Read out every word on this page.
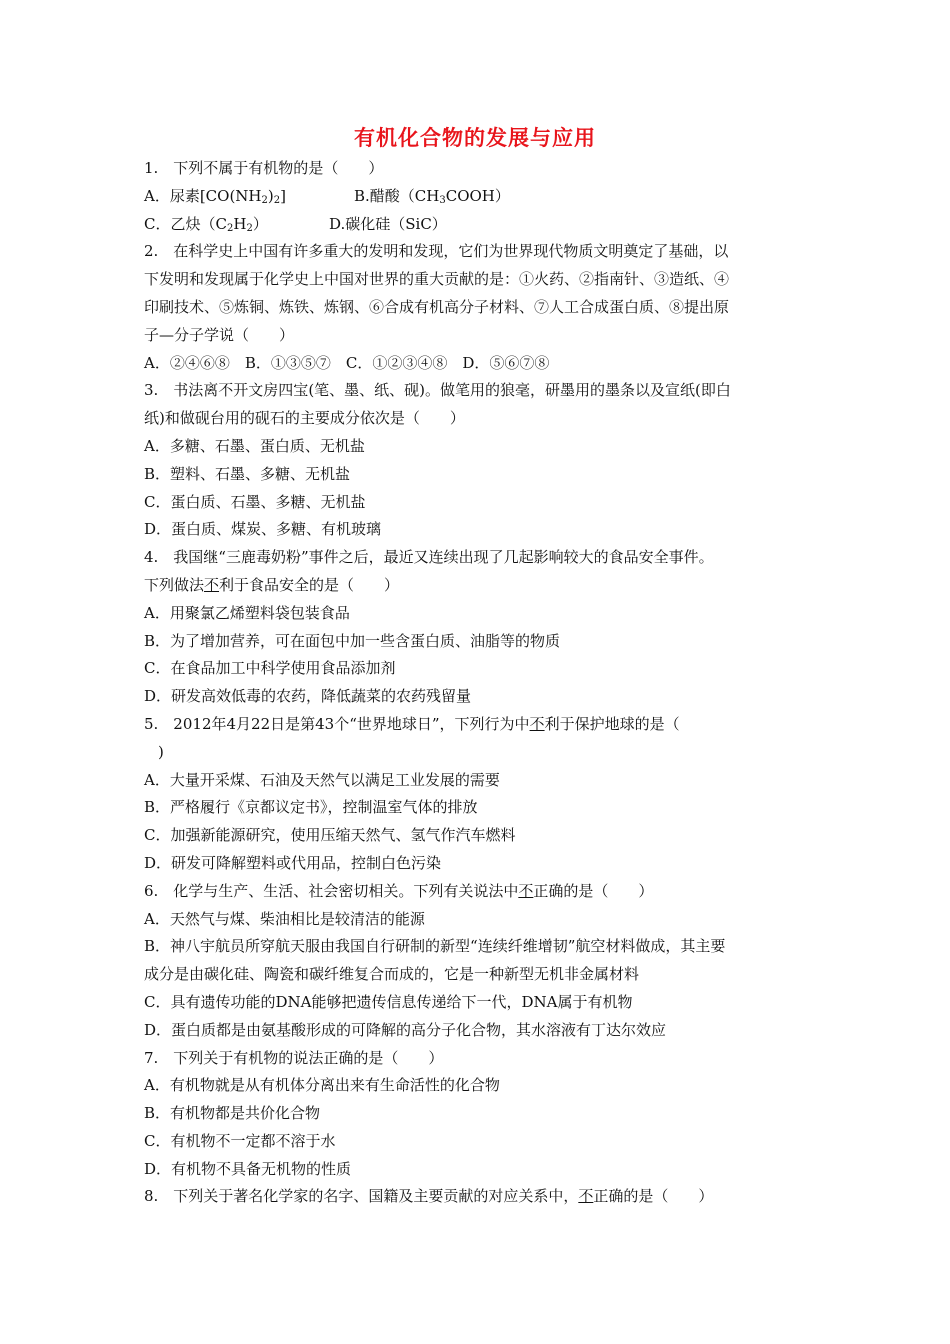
有机化合物的发展与应用
1.　下列不属于有机物的是（　　）
A．尿素$[CO(NH_2)_2]$	B.醋酸$(CH_3COOH)$
C．乙炔$(C_2H_2)$	D.碳化硅（SiC）
2.　在科学史上中国有许多重大的发明和发现，它们为世界现代物质文明奠定了基础，以
下发明和发现属于化学史上中国对世界的重大贡献的是：①火药、②指南针、③造纸、④
印刷技术、⑤炼铜、炼铁、炼钢、⑥合成有机高分子材料、⑦人工合成蛋白质、⑧提出原
子—分子学说（　　）
A．②④⑥⑧　B．①③⑤⑦　C．①②③④⑧　D．⑤⑥⑦⑧
3.　书法离不开文房四宝(笔、墨、纸、砚)。做笔用的狼毫，研墨用的墨条以及宣纸(即白
纸)和做砚台用的砚石的主要成分依次是（　　）
A．多糖、石墨、蛋白质、无机盐
B．塑料、石墨、多糖、无机盐
C．蛋白质、石墨、多糖、无机盐
D．蛋白质、煤炭、多糖、有机玻璃
4.　我国继“三鹿毒奶粉”事件之后，最近又连续出现了几起影响较大的食品安全事件。
下列做法不利于食品安全的是（　　）
A．用聚氯乙烯塑料袋包装食品
B．为了增加营养，可在面包中加一些含蛋白质、油脂等的物质
C．在食品加工中科学使用食品添加剂
D．研发高效低毒的农药，降低蔬菜的农药残留量
5.　2012年4月22日是第43个“世界地球日”，下列行为中不利于保护地球的是（
)
A．大量开采煤、石油及天然气以满足工业发展的需要
B．严格履行《京都议定书》，控制温室气体的排放
C．加强新能源研究，使用压缩天然气、氢气作汽车燃料
D．研发可降解塑料或代用品，控制白色污染
6.　化学与生产、生活、社会密切相关。下列有关说法中不正确的是（　　）
A．天然气与煤、柴油相比是较清洁的能源
B．神八宇航员所穿航天服由我国自行研制的新型“连续纤维增韧”航空材料做成，其主要
成分是由碳化硅、陶瓷和碳纤维复合而成的，它是一种新型无机非金属材料
C．具有遗传功能的DNA能够把遗传信息传递给下一代，DNA属于有机物
D．蛋白质都是由氨基酸形成的可降解的高分子化合物，其水溶液有丁达尔效应
7.　下列关于有机物的说法正确的是（　　）
A．有机物就是从有机体分离出来有生命活性的化合物
B．有机物都是共价化合物
C．有机物不一定都不溶于水
D．有机物不具备无机物的性质
8.　下列关于著名化学家的名字、国籍及主要贡献的对应关系中，不正确的是（　　）
